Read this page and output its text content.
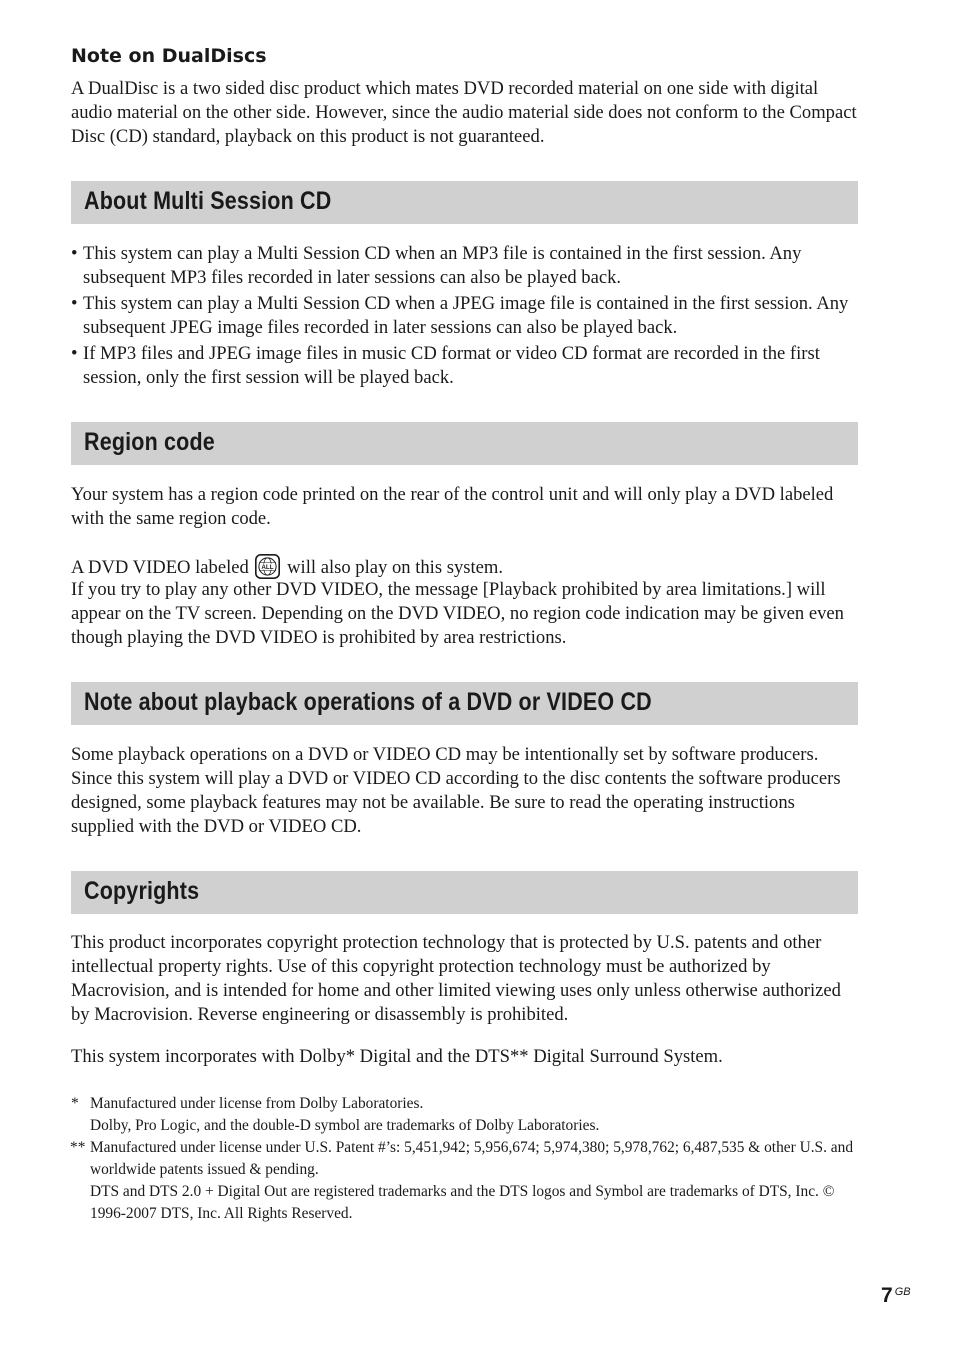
Note on DualDiscs

A DualDisc is a two sided disc product which mates DVD recorded material on one side with digital audio material on the other side. However, since the audio material side does not conform to the Compact Disc (CD) standard, playback on this product is not guaranteed.

About Multi Session CD
• This system can play a Multi Session CD when an MP3 file is contained in the first session. Any subsequent MP3 files recorded in later sessions can also be played back.
• This system can play a Multi Session CD when a JPEG image file is contained in the first session. Any subsequent JPEG image files recorded in later sessions can also be played back.
• If MP3 files and JPEG image files in music CD format or video CD format are recorded in the first session, only the first session will be played back.
Region code

Your system has a region code printed on the rear of the control unit and will only play a DVD labeled with the same region code.

A DVD VIDEO labeled ALL will also play on this system.

If you try to play any other DVD VIDEO, the message [Playback prohibited by area limitations.] will appear on the TV screen. Depending on the DVD VIDEO, no region code indication may be given even though playing the DVD VIDEO is prohibited by area restrictions.

Note about playback operations of a DVD or VIDEO CD

Some playback operations on a DVD or VIDEO CD may be intentionally set by software producers. Since this system will play a DVD or VIDEO CD according to the disc contents the software producers designed, some playback features may not be available. Be sure to read the operating instructions supplied with the DVD or VIDEO CD.

Copyrights

This product incorporates copyright protection technology that is protected by U.S. patents and other intellectual property rights. Use of this copyright protection technology must be authorized by Macrovision, and is intended for home and other limited viewing uses only unless otherwise authorized by Macrovision. Reverse engineering or disassembly is prohibited.

This system incorporates with Dolby* Digital and the DTS** Digital Surround System.

* Manufactured under license from Dolby Laboratories.
Dolby, Pro Logic, and the double-D symbol are trademarks of Dolby Laboratories.
** Manufactured under license under U.S. Patent #’s: 5,451,942; 5,956,674; 5,974,380; 5,978,762; 6,487,535 & other U.S. and worldwide patents issued & pending.
DTS and DTS 2.0 + Digital Out are registered trademarks and the DTS logos and Symbol are trademarks of DTS, Inc. © 1996-2007 DTS, Inc. All Rights Reserved.
7 $^{GB}$
